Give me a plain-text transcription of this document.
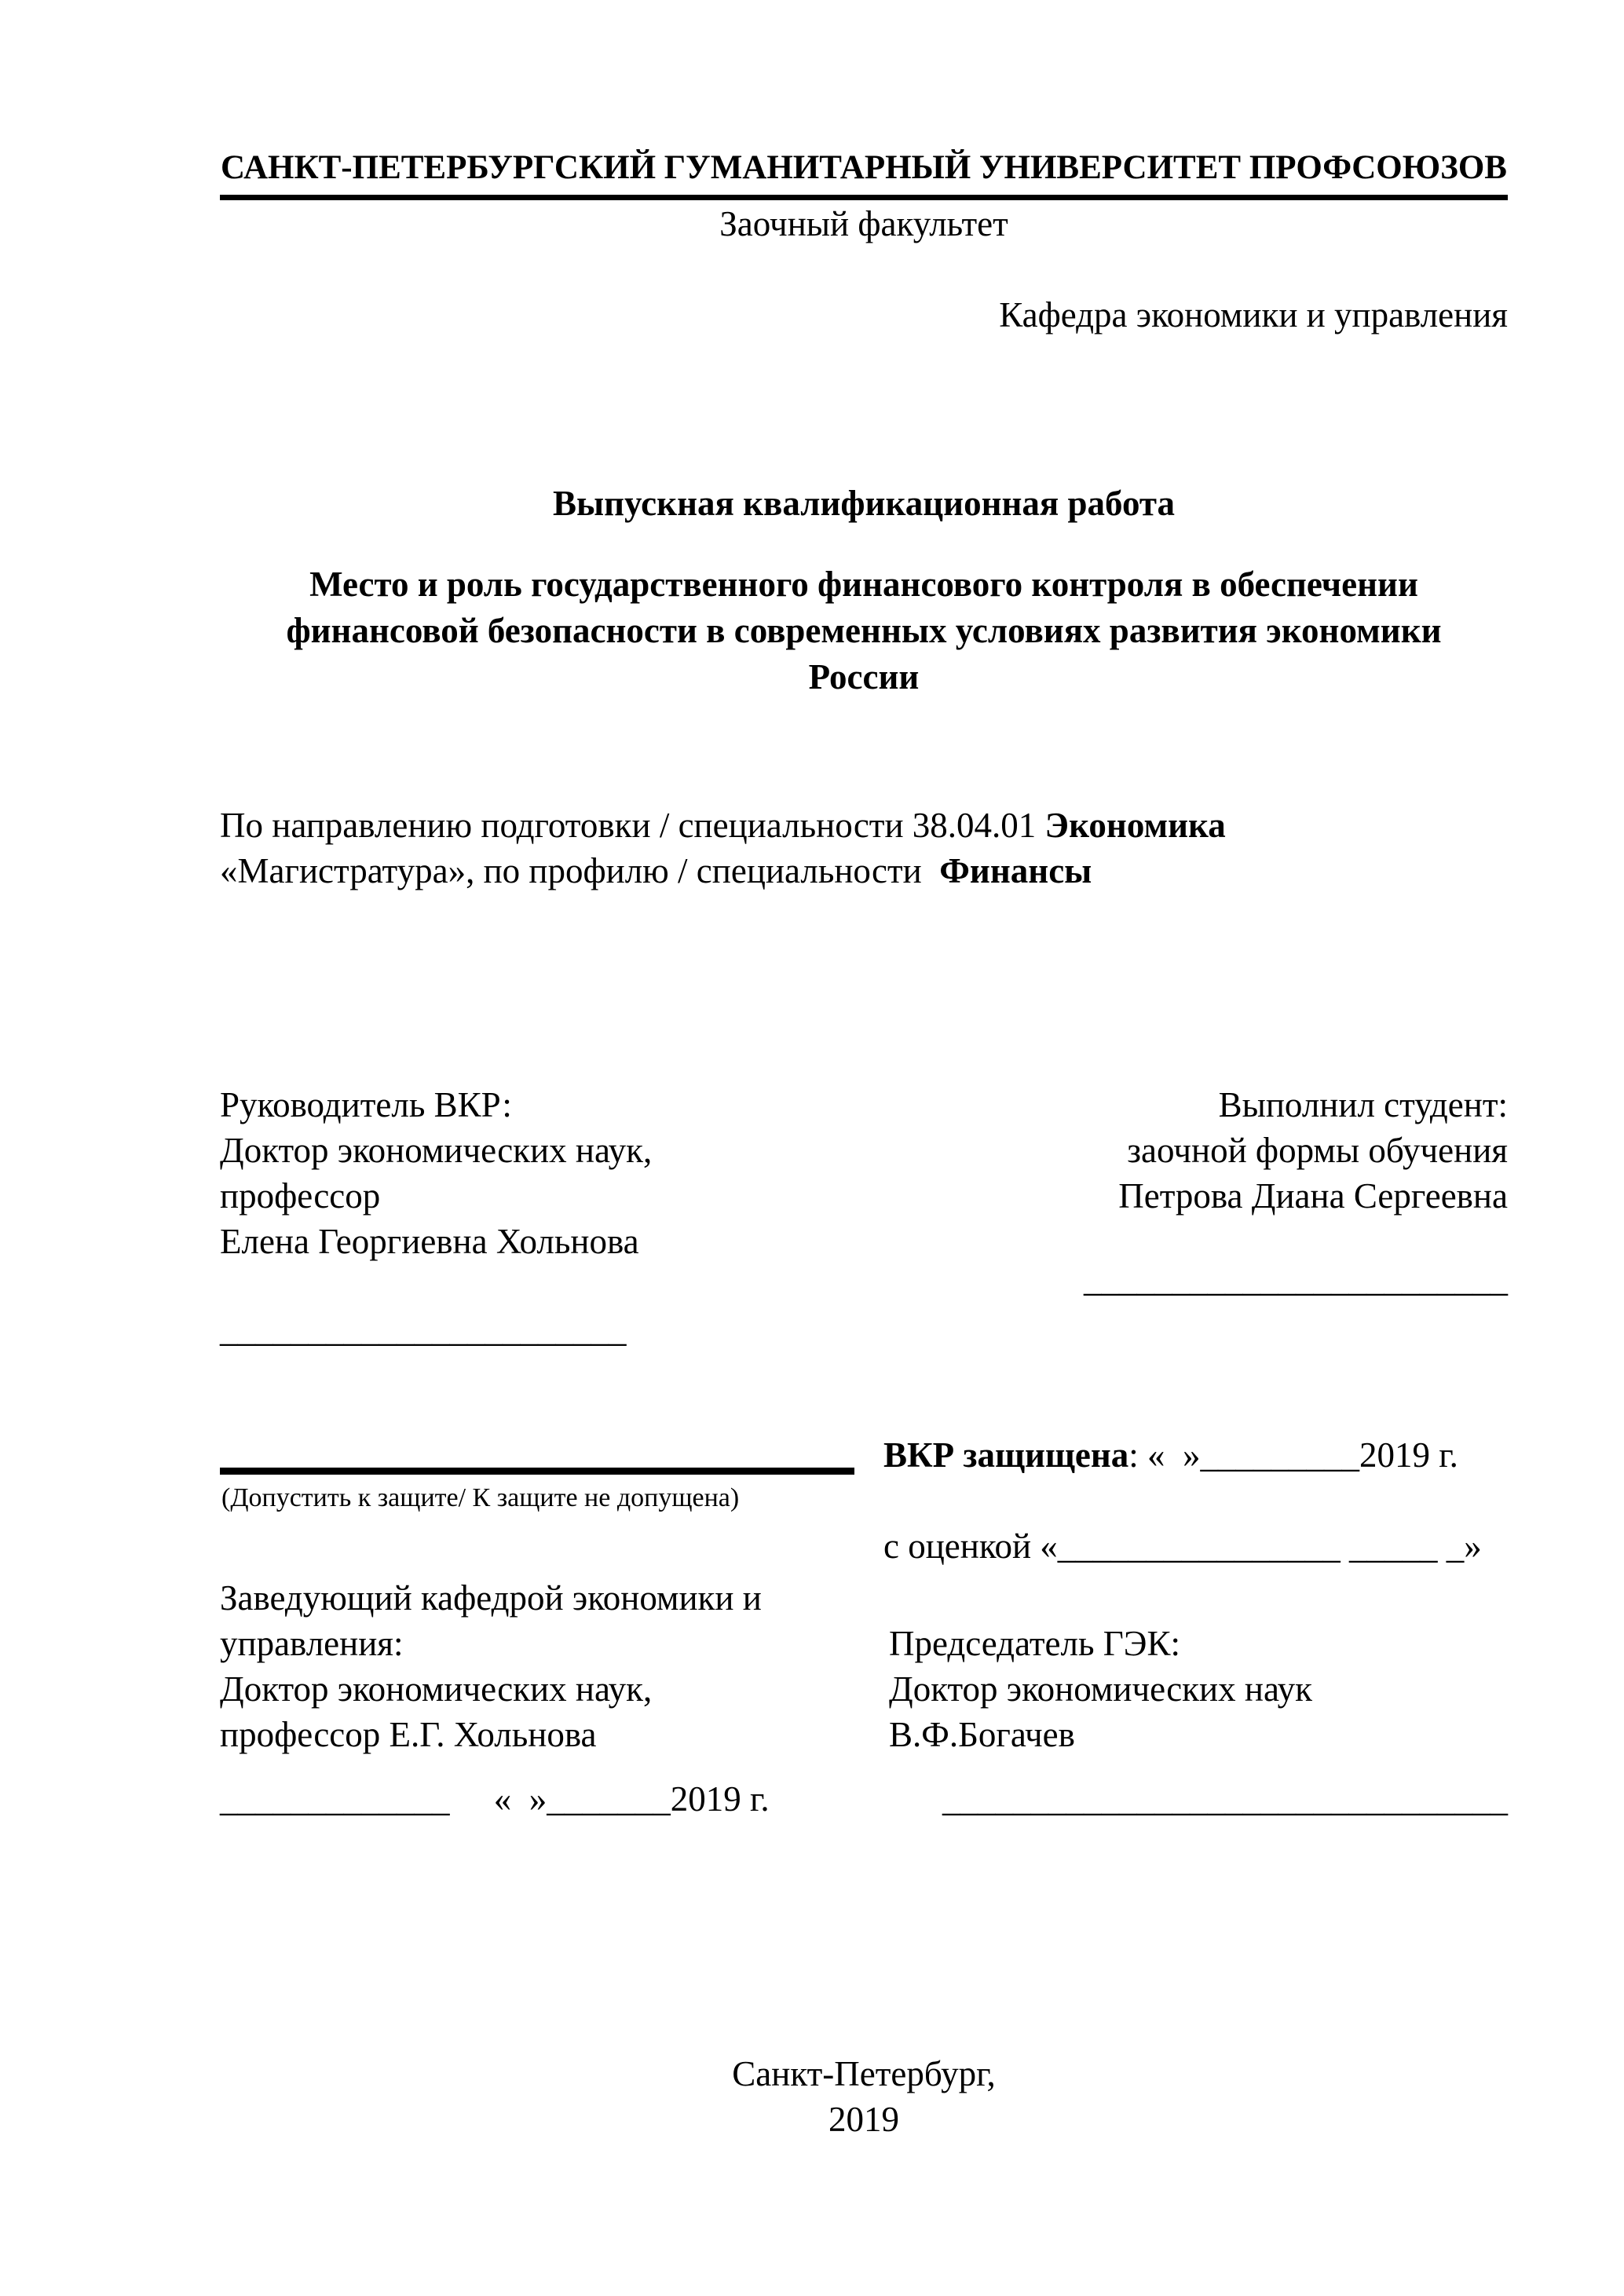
САНКТ-ПЕТЕРБУРГСКИЙ ГУМАНИТАРНЫЙ УНИВЕРСИТЕТ ПРОФСОЮЗОВ
Заочный факультет
Кафедра экономики и управления
Выпускная квалификационная работа
Место и роль государственного финансового контроля в обеспечении
финансовой безопасности в современных условиях развития экономики
России
По направлению подготовки / специальности 38.04.01 Экономика
«Магистратура», по профилю / специальности  Финансы
Руководитель ВКР:
Доктор экономических наук,
профессор
Елена Георгиевна Хольнова
Выполнил студент:
заочной формы обучения
Петрова Диана Сергеевна
________________________
_______________________
ВКР защищена: «  »_________2019 г.
(Допустить к защите/ К защите не допущена)
с оценкой «________________ _____ _»
Заведующий кафедрой экономики и
управления:
Доктор экономических наук,
профессор Е.Г. Хольнова
Председатель ГЭК:
Доктор экономических наук
В.Ф.Богачев
_____________     «  »_______2019 г.	________________________________
Санкт-Петербург,
2019
